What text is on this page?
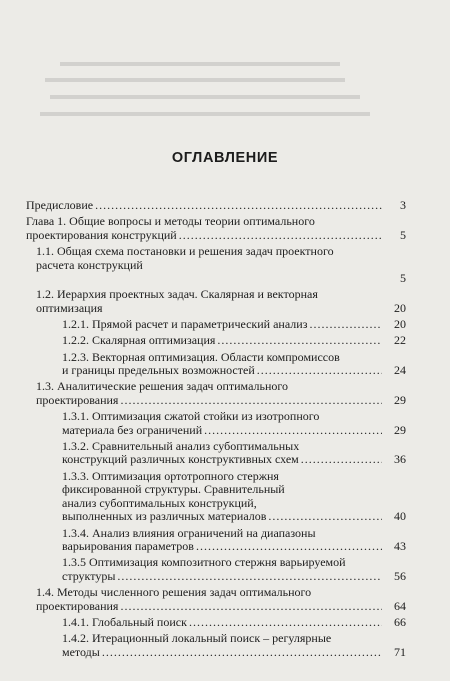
ОГЛАВЛЕНИЕ
Предисловие .....	3
Глава 1. Общие вопросы и методы теории оптимального
проектирования конструкций .....	5
1.1. Общая схема постановки и решения задач проектного
расчета конструкций
5
1.2. Иерархия проектных задач. Скалярная и векторная
оптимизация	20
1.2.1. Прямой расчет и параметрический анализ .....	20
1.2.2. Скалярная оптимизация .....	22
1.2.3. Векторная оптимизация. Области компромиссов
и границы предельных возможностей .....	24
1.3. Аналитические решения задач оптимального
проектирования .....	29
1.3.1. Оптимизация сжатой стойки из изотропного
материала без ограничений .....	29
1.3.2. Сравнительный анализ субоптимальных
конструкций различных конструктивных схем .....	36
1.3.3. Оптимизация ортотропного стержня
фиксированной структуры. Сравнительный
анализ субоптимальных конструкций,
выполненных из различных материалов .....	40
1.3.4. Анализ влияния ограничений на диапазоны
варьирования параметров .....	43
1.3.5 Оптимизация композитного стержня варьируемой
структуры .....	56
1.4. Методы численного решения задач оптимального
проектирования .....	64
1.4.1. Глобальный поиск .....	66
1.4.2. Итерационный локальный поиск – регулярные
методы .....	71
